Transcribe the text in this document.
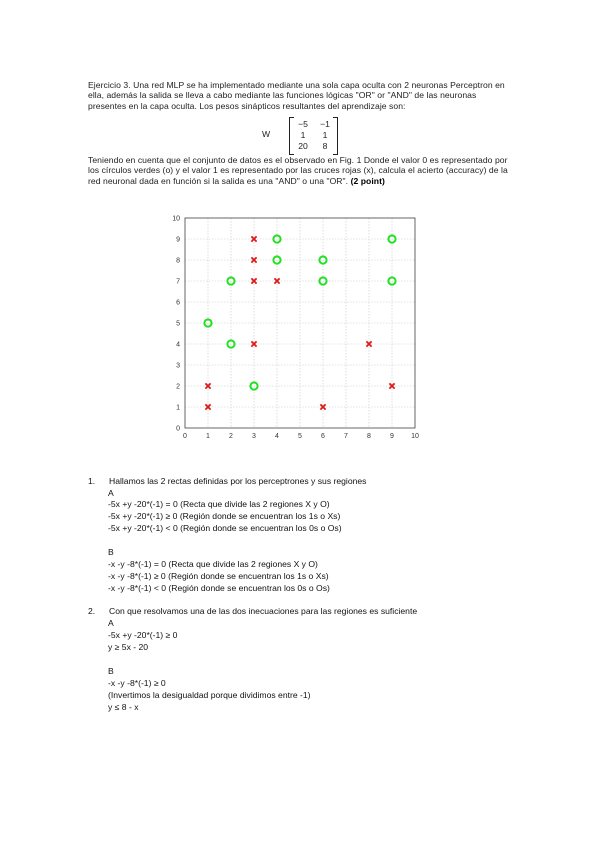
Ejercicio 3. Una red MLP se ha implementado mediante una sola capa oculta con 2 neuronas Perceptron en ella, además la salida se lleva a cabo mediante las funciones lógicas "OR" or "AND" de las neuronas presentes en la capa oculta. Los pesos sinápticos resultantes del aprendizaje son:
W
−5	−1
1	1
20	8
Teniendo en cuenta que el conjunto de datos es el observado en Fig. 1 Donde el valor 0 es representado por los círculos verdes (o) y el valor 1 es representado por las cruces rojas (x), calcula el acierto (accuracy) de la red neuronal dada en función si la salida es una "AND" o una "OR". (2 point)
0	1	2	3	4	5	6	7	8	9 10
0
1
2
3
4
5
6
7
8
9
10
1. Hallamos las 2 rectas definidas por los perceptrones y sus regiones
A
-5x +y -20*(-1) = 0 (Recta que divide las 2 regiones X y O)
-5x +y -20*(-1) ≥ 0 (Región donde se encuentran los 1s o Xs)
-5x +y -20*(-1) < 0 (Región donde se encuentran los 0s o Os)
B
-x -y -8*(-1) = 0 (Recta que divide las 2 regiones X y O)
-x -y -8*(-1) ≥ 0 (Región donde se encuentran los 1s o Xs)
-x -y -8*(-1) < 0 (Región donde se encuentran los 0s o Os)
2. Con que resolvamos una de las dos inecuaciones para las regiones es suficiente
A
-5x +y -20*(-1) ≥ 0
y ≥ 5x - 20
B
-x -y -8*(-1) ≥ 0
(Invertimos la desigualdad porque dividimos entre -1)
y ≤ 8 - x
